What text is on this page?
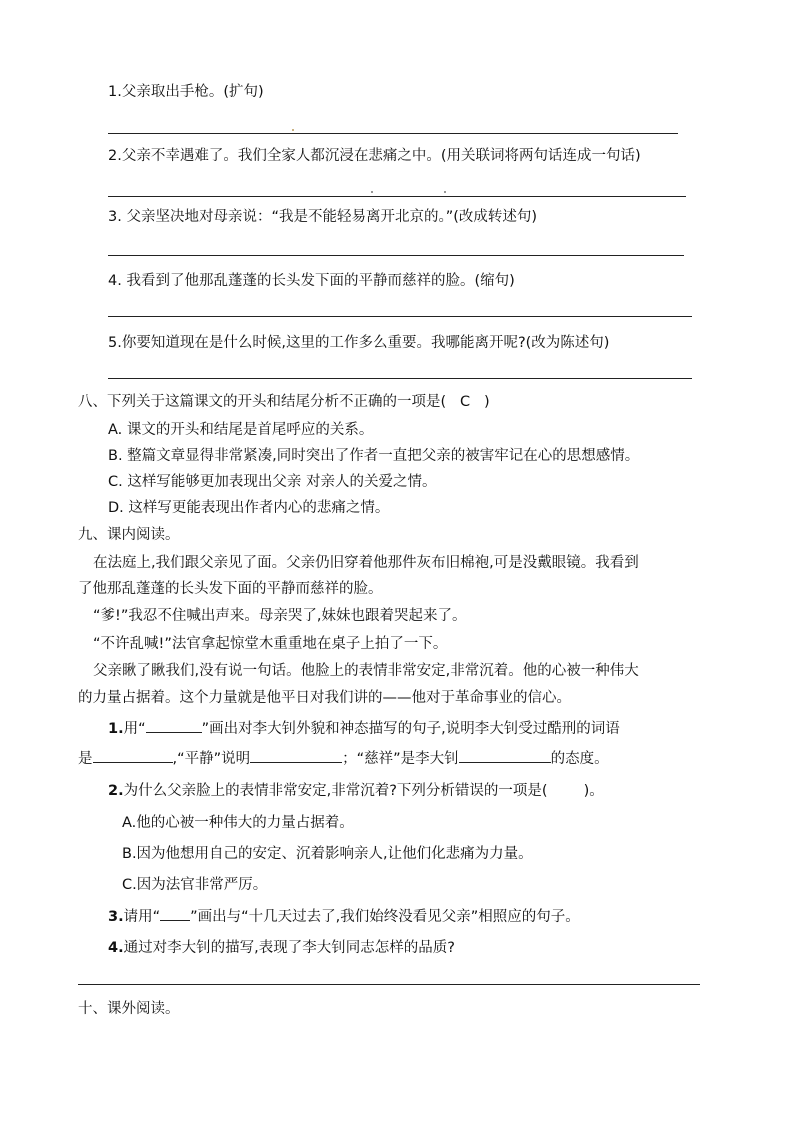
1.父亲取出手枪。(扩句)
2.父亲不幸遇难了。我们全家人都沉浸在悲痛之中。(用关联词将两句话连成一句话)
3. 父亲坚决地对母亲说：“我是不能轻易离开北京的。”(改成转述句)
4. 我看到了他那乱蓬蓬的长头发下面的平静而慈祥的脸。(缩句)
5.你要知道现在是什么时候,这里的工作多么重要。我哪能离开呢?(改为陈述句)
八、下列关于这篇课文的开头和结尾分析不正确的一项是( C )
A. 课文的开头和结尾是首尾呼应的关系。
B. 整篇文章显得非常紧凑,同时突出了作者一直把父亲的被害牢记在心的思想感情。
C. 这样写能够更加表现出父亲 对亲人的关爱之情。
D. 这样写更能表现出作者内心的悲痛之情。
九、课内阅读。
在法庭上,我们跟父亲见了面。父亲仍旧穿着他那件灰布旧棉袍,可是没戴眼镜。我看到
了他那乱蓬蓬的长头发下面的平静而慈祥的脸。
“爹!”我忍不住喊出声来。母亲哭了,妹妹也跟着哭起来了。
“不许乱喊!”法官拿起惊堂木重重地在桌子上拍了一下。
父亲瞅了瞅我们,没有说一句话。他脸上的表情非常安定,非常沉着。他的心被一种伟大
的力量占据着。这个力量就是他平日对我们讲的——他对于革命事业的信心。
1.用“	”画出对李大钊外貌和神态描写的句子,说明李大钊受过酷刑的词语
是	,“平静”说明	；“慈祥”是李大钊	的态度。
2.为什么父亲脸上的表情非常安定,非常沉着?下列分析错误的一项是( )。
A.他的心被一种伟大的力量占据着。
B.因为他想用自己的安定、沉着影响亲人,让他们化悲痛为力量。
C.因为法官非常严厉。
3.请用“ ”画出与“十几天过去了,我们始终没看见父亲”相照应的句子。
4.通过对李大钊的描写,表现了李大钊同志怎样的品质?
十、课外阅读。
